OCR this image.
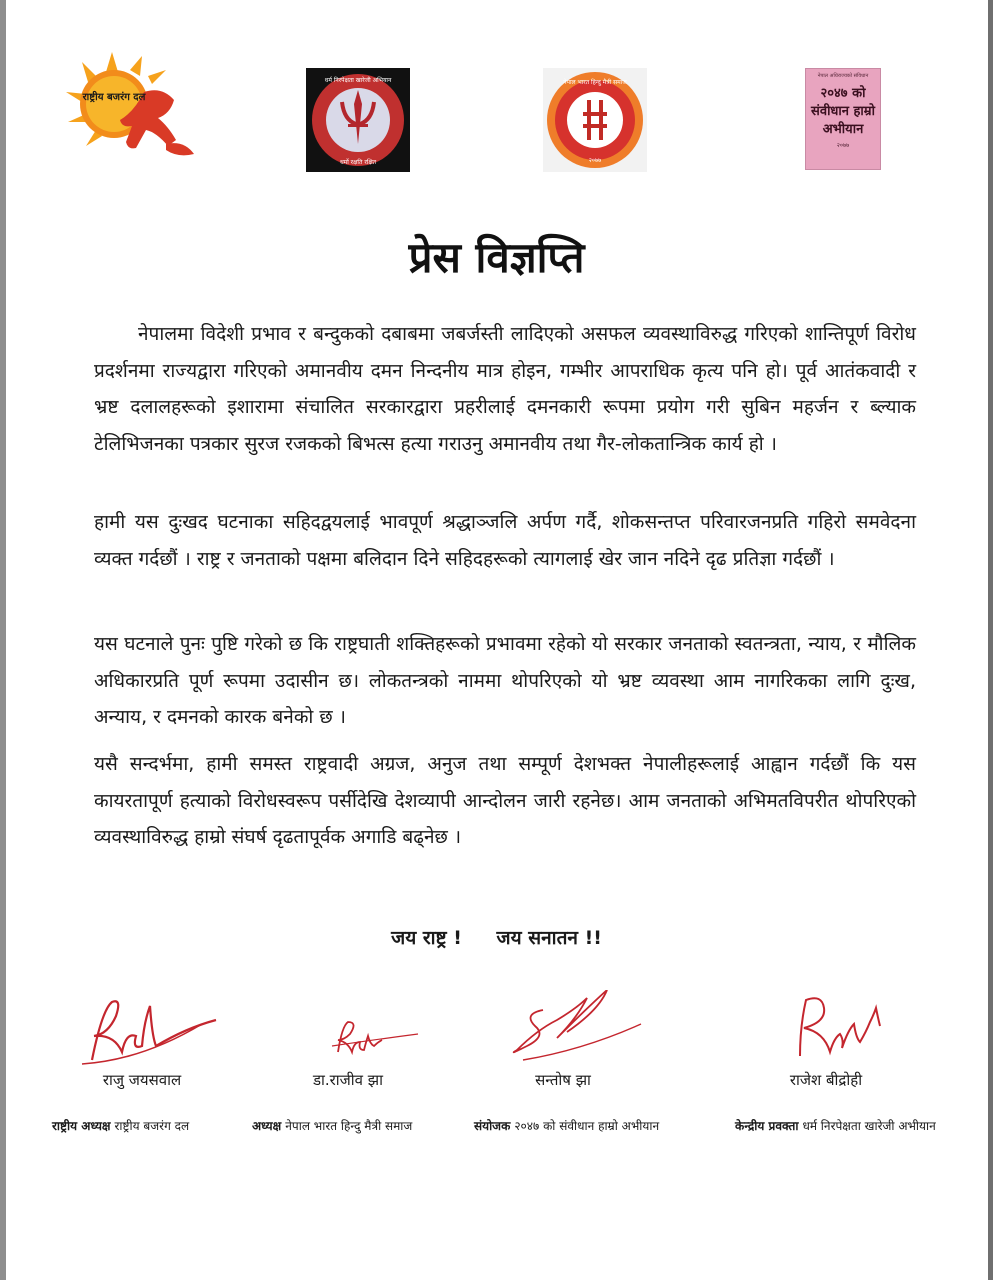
राष्ट्रीय बजरंग दल
धर्म निरपेक्षता खारेजी अभियान
धर्मो रक्षति रक्षित
नेपाल भारत हिन्दु मैत्री समाज
२०७७
नेपाल अधिराज्यको संविधान
२०४७ को संवीधान हाम्रो अभीयान
२०७७
प्रेस विज्ञप्ति

नेपालमा विदेशी प्रभाव र बन्दुकको दबाबमा जबर्जस्ती लादिएको असफल व्यवस्थाविरुद्ध गरिएको शान्तिपूर्ण विरोध प्रदर्शनमा राज्यद्वारा गरिएको अमानवीय दमन निन्दनीय मात्र होइन, गम्भीर आपराधिक कृत्य पनि हो। पूर्व आतंकवादी र भ्रष्ट दलालहरूको इशारामा संचालित सरकारद्वारा प्रहरीलाई दमनकारी रूपमा प्रयोग गरी सुबिन महर्जन र ब्ल्याक टेलिभिजनका पत्रकार सुरज रजकको बिभत्स हत्या गराउनु अमानवीय तथा गैर-लोकतान्त्रिक कार्य हो ।

हामी यस दुःखद घटनाका सहिदद्वयलाई भावपूर्ण श्रद्धाञ्जलि अर्पण गर्दै, शोकसन्तप्त परिवारजनप्रति गहिरो समवेदना व्यक्त गर्दछौं । राष्ट्र र जनताको पक्षमा बलिदान दिने सहिदहरूको त्यागलाई खेर जान नदिने दृढ प्रतिज्ञा गर्दछौं ।

यस घटनाले पुनः पुष्टि गरेको छ कि राष्ट्रघाती शक्तिहरूको प्रभावमा रहेको यो सरकार जनताको स्वतन्त्रता, न्याय, र मौलिक अधिकारप्रति पूर्ण रूपमा उदासीन छ। लोकतन्त्रको नाममा थोपरिएको यो भ्रष्ट व्यवस्था आम नागरिकका लागि दुःख, अन्याय, र दमनको कारक बनेको छ ।

यसै सन्दर्भमा, हामी समस्त राष्ट्रवादी अग्रज, अनुज तथा सम्पूर्ण देशभक्त नेपालीहरूलाई आह्वान गर्दछौं कि यस कायरतापूर्ण हत्याको विरोधस्वरूप पर्सीदेखि देशव्यापी आन्दोलन जारी रहनेछ। आम जनताको अभिमतविपरीत थोपरिएको व्यवस्थाविरुद्ध हाम्रो संघर्ष दृढतापूर्वक अगाडि बढ्नेछ ।

जय राष्ट्र ! जय सनातन !!
राजु जयसवाल	डा.राजीव झा	सन्तोष झा	राजेश बीद्रोही
राष्ट्रीय अध्यक्ष राष्ट्रीय बजरंग दल	अध्यक्ष नेपाल भारत हिन्दु मैत्री समाज	संयोजक २०४७ को संवीधान हाम्रो अभीयान	केन्द्रीय प्रवक्ता धर्म निरपेक्षता खारेजी अभीयान
